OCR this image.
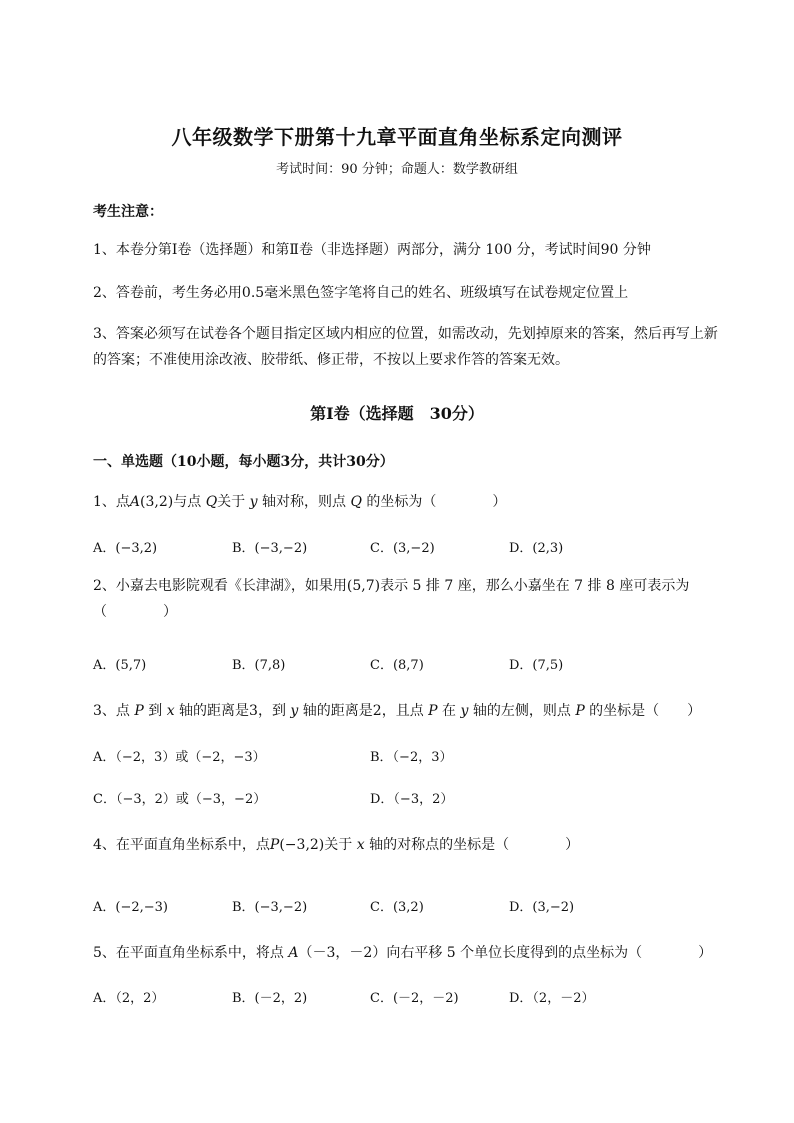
八年级数学下册第十九章平面直角坐标系定向测评
考试时间：90 分钟；命题人：数学教研组
考生注意：
1、本卷分第Ⅰ卷（选择题）和第Ⅱ卷（非选择题）两部分，满分 100 分，考试时间90 分钟
2、答卷前，考生务必用0.5毫米黑色签字笔将自己的姓名、班级填写在试卷规定位置上
3、答案必须写在试卷各个题目指定区域内相应的位置，如需改动，先划掉原来的答案，然后再写上新
的答案；不准使用涂改液、胶带纸、修正带，不按以上要求作答的答案无效。
第Ⅰ卷（选择题　30分）
一、单选题（10小题，每小题3分，共计30分）
1、点A(3,2)与点 Q关于 y 轴对称，则点 Q 的坐标为（　　　　）
A．(−3,2)	B．(−3,−2)	C．(3,−2)	D．(2,3)
2、小嘉去电影院观看《长津湖》，如果用(5,7)表示 5 排 7 座，那么小嘉坐在 7 排 8 座可表示为
（　　　　）
A．(5,7)	B．(7,8)	C．(8,7)	D．(7,5)
3、点 P 到 x 轴的距离是3，到 y 轴的距离是2，且点 P 在 y 轴的左侧，则点 P 的坐标是（　　）
A．（−2，3）或（−2，−3）	B．（−2，3）
C．（−3，2）或（−3，−2）	D．（−3，2）
4、在平面直角坐标系中，点P(−3,2)关于 x 轴的对称点的坐标是（　　　　）
A．(−2,−3)	B．(−3,−2)	C．(3,2)	D．(3,−2)
5、在平面直角坐标系中，将点 A（－3，－2）向右平移 5 个单位长度得到的点坐标为（　　　　）
A．（2，2）	B．(－2，2)	C．(－2，－2)	D．（2，－2）
